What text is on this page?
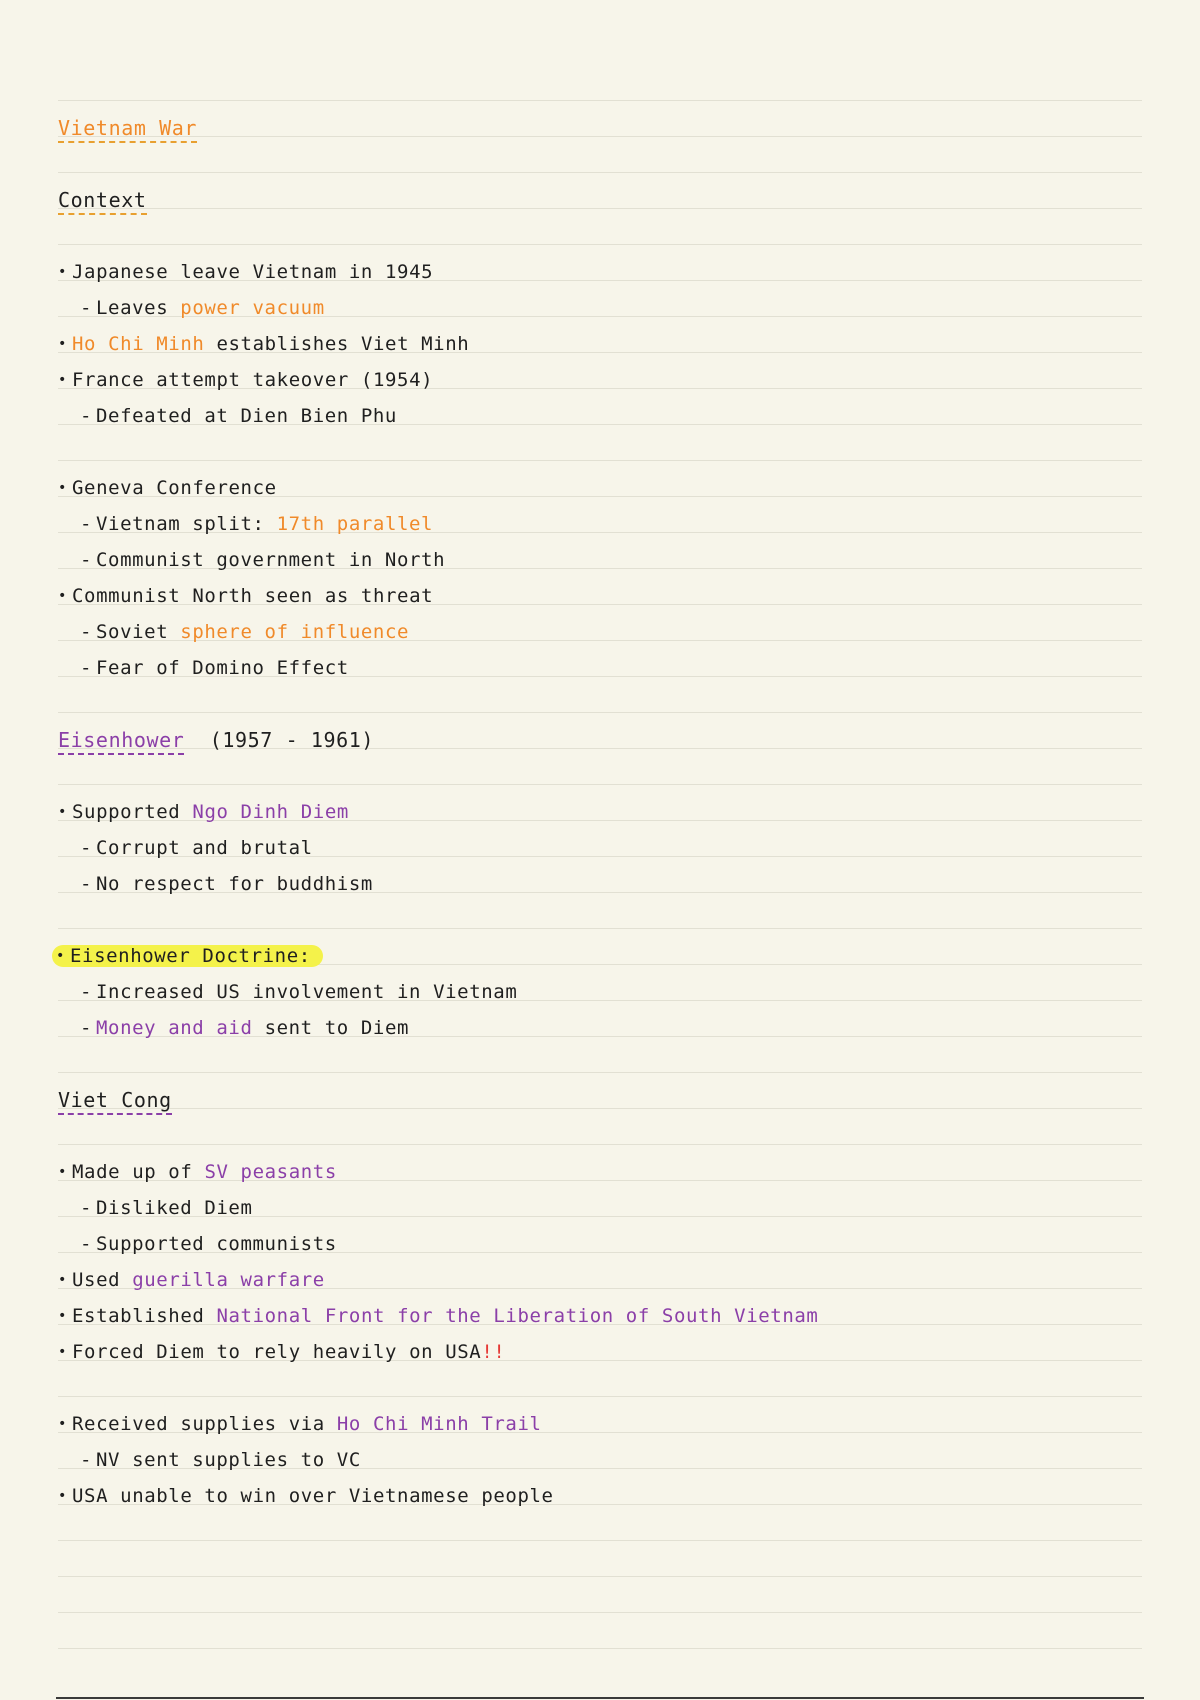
Vietnam War
Context
• Japanese leave Vietnam in 1945
- Leaves power vacuum
• Ho Chi Minh establishes Viet Minh
• France attempt takeover (1954)
- Defeated at Dien Bien Phu
• Geneva Conference
- Vietnam split: 17th parallel
- Communist government in North
• Communist North seen as threat
- Soviet sphere of influence
- Fear of Domino Effect
Eisenhower (1957 - 1961)
• Supported Ngo Dinh Diem
- Corrupt and brutal
- No respect for buddhism
• Eisenhower Doctrine:
- Increased US involvement in Vietnam
- Money and aid sent to Diem
Viet Cong
• Made up of SV peasants
- Disliked Diem
- Supported communists
• Used guerilla warfare
• Established National Front for the Liberation of South Vietnam
• Forced Diem to rely heavily on USA!!
• Received supplies via Ho Chi Minh Trail
- NV sent supplies to VC
• USA unable to win over Vietnamese people
